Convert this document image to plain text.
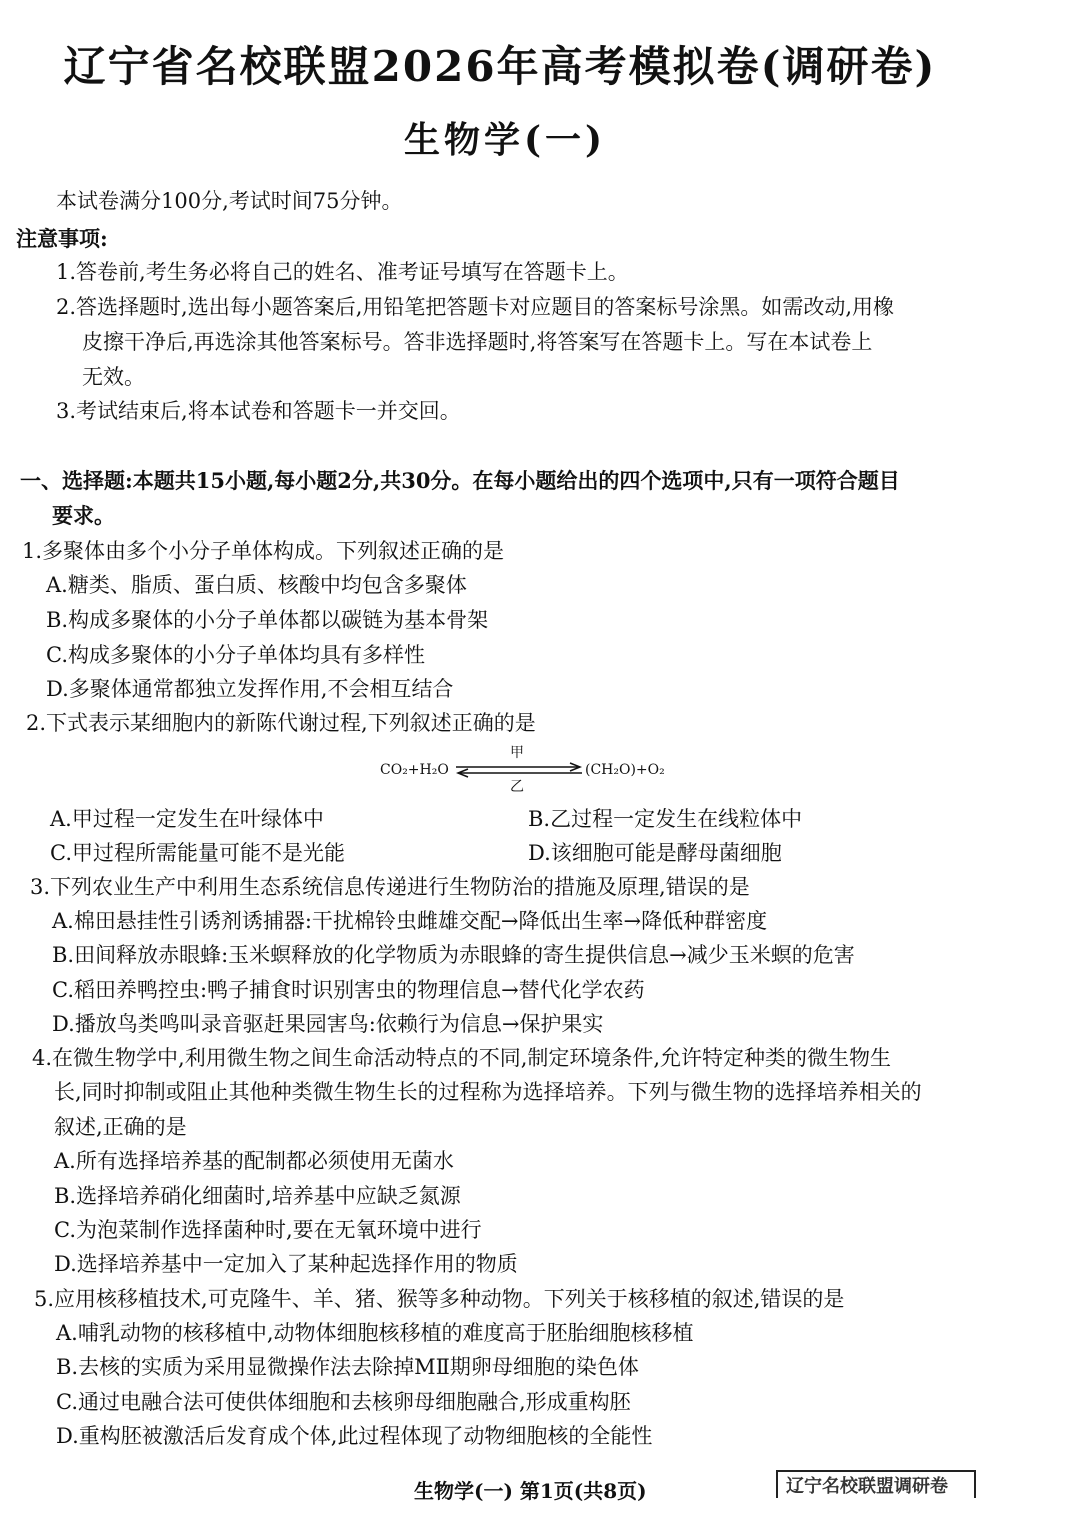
辽宁省名校联盟2026年高考模拟卷(调研卷)
生物学(一)
本试卷满分100分,考试时间75分钟。
注意事项:
1.答卷前,考生务必将自己的姓名、准考证号填写在答题卡上。
2.答选择题时,选出每小题答案后,用铅笔把答题卡对应题目的答案标号涂黑。如需改动,用橡
皮擦干净后,再选涂其他答案标号。答非选择题时,将答案写在答题卡上。写在本试卷上
无效。
3.考试结束后,将本试卷和答题卡一并交回。
一、选择题:本题共15小题,每小题2分,共30分。在每小题给出的四个选项中,只有一项符合题目
要求。
1.多聚体由多个小分子单体构成。下列叙述正确的是
A.糖类、脂质、蛋白质、核酸中均包含多聚体
B.构成多聚体的小分子单体都以碳链为基本骨架
C.构成多聚体的小分子单体均具有多样性
D.多聚体通常都独立发挥作用,不会相互结合
2.下式表示某细胞内的新陈代谢过程,下列叙述正确的是
CO₂+H₂O
甲
乙
(CH₂O)+O₂
A.甲过程一定发生在叶绿体中	B.乙过程一定发生在线粒体中
C.甲过程所需能量可能不是光能	D.该细胞可能是酵母菌细胞
3.下列农业生产中利用生态系统信息传递进行生物防治的措施及原理,错误的是
A.棉田悬挂性引诱剂诱捕器:干扰棉铃虫雌雄交配→降低出生率→降低种群密度
B.田间释放赤眼蜂:玉米螟释放的化学物质为赤眼蜂的寄生提供信息→减少玉米螟的危害
C.稻田养鸭控虫:鸭子捕食时识别害虫的物理信息→替代化学农药
D.播放鸟类鸣叫录音驱赶果园害鸟:依赖行为信息→保护果实
4.在微生物学中,利用微生物之间生命活动特点的不同,制定环境条件,允许特定种类的微生物生
长,同时抑制或阻止其他种类微生物生长的过程称为选择培养。下列与微生物的选择培养相关的
叙述,正确的是
A.所有选择培养基的配制都必须使用无菌水
B.选择培养硝化细菌时,培养基中应缺乏氮源
C.为泡菜制作选择菌种时,要在无氧环境中进行
D.选择培养基中一定加入了某种起选择作用的物质
5.应用核移植技术,可克隆牛、羊、猪、猴等多种动物。下列关于核移植的叙述,错误的是
A.哺乳动物的核移植中,动物体细胞核移植的难度高于胚胎细胞核移植
B.去核的实质为采用显微操作法去除掉MⅡ期卵母细胞的染色体
C.通过电融合法可使供体细胞和去核卵母细胞融合,形成重构胚
D.重构胚被激活后发育成个体,此过程体现了动物细胞核的全能性
生物学(一) 第1页(共8页)	辽宁名校联盟调研卷
